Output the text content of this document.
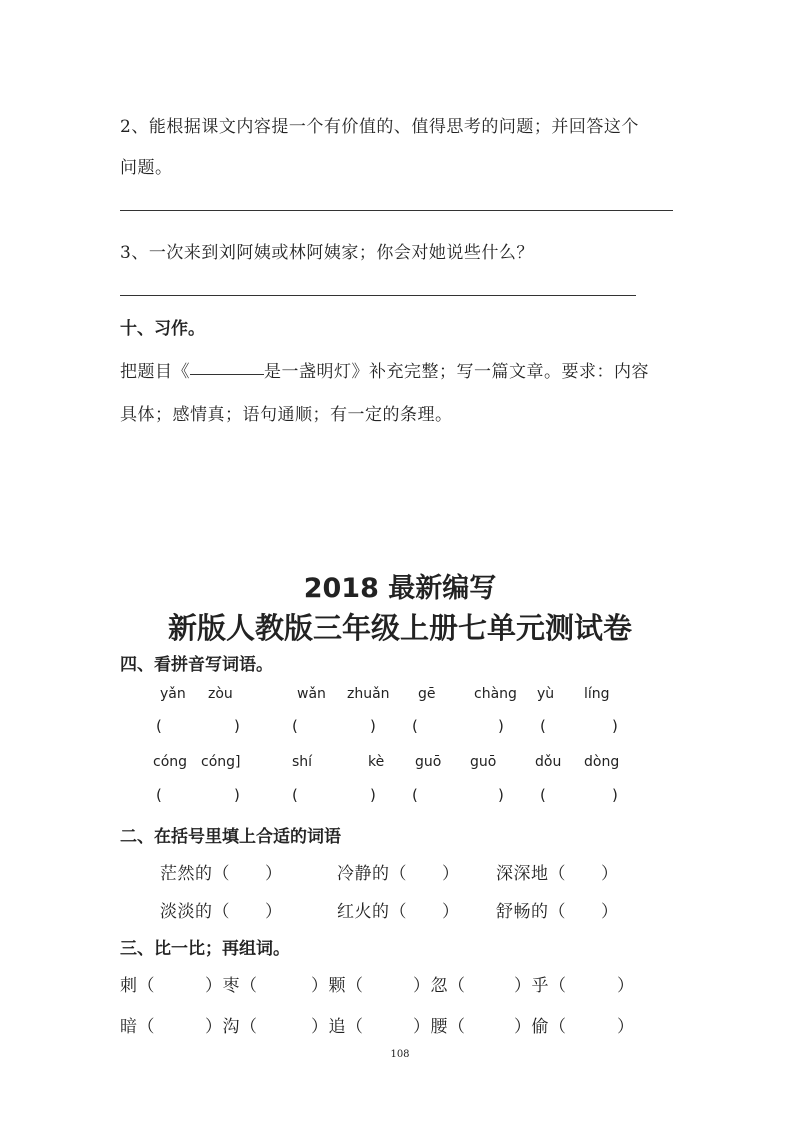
2、能根据课文内容提一个有价值的、值得思考的问题；并回答这个
问题。
3、一次来到刘阿姨或林阿姨家；你会对她说些什么？
十、习作。
把题目《	是一盏明灯》补充完整；写一篇文章。要求：内容
具体；感情真；语句通顺；有一定的条理。
2018 最新编写
新版人教版三年级上册七单元测试卷
四、看拼音写词语。
yǎn zòu	wǎn zhuǎn gē	chàng yù líng
(	)	(	) (	) (	)
cóng cóng]	shí	kè guō guō	dǒu dòng
(	)	(	) (	) (	)
二、在括号里填上合适的词语
茫然的（　　）	冷静的（　　） 深深地（　　）
淡淡的（　　）	红火的（　　） 舒畅的（　　）
三、比一比；再组词。
刺（	）枣（	）颗（	）忽（	）乎（	）
暗（	）沟（	）追（	）腰（	）偷（	）
108
